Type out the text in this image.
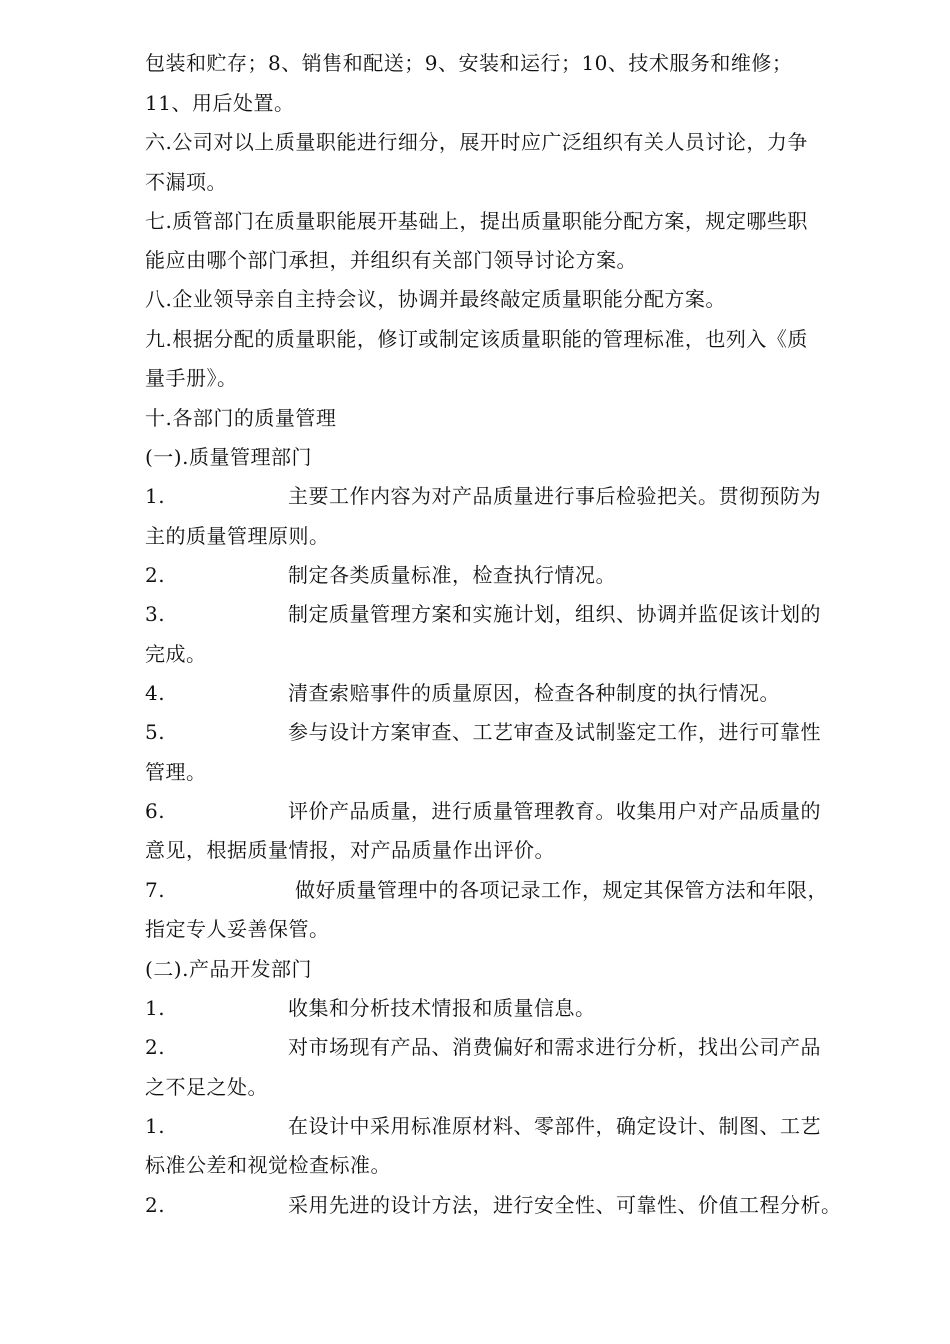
包装和贮存；8、销售和配送；9、安装和运行；10、技术服务和维修；
11、用后处置。
六.公司对以上质量职能进行细分，展开时应广泛组织有关人员讨论，力争
不漏项。
七.质管部门在质量职能展开基础上，提出质量职能分配方案，规定哪些职
能应由哪个部门承担，并组织有关部门领导讨论方案。
八.企业领导亲自主持会议，协调并最终敲定质量职能分配方案。
九.根据分配的质量职能，修订或制定该质量职能的管理标准，也列入《质
量手册》。
十.各部门的质量管理
(一).质量管理部门
1.	主要工作内容为对产品质量进行事后检验把关。贯彻预防为
主的质量管理原则。
2.	制定各类质量标准，检查执行情况。
3.	制定质量管理方案和实施计划，组织、协调并监促该计划的
完成。
4.	清查索赔事件的质量原因，检查各种制度的执行情况。
5.	参与设计方案审查、工艺审查及试制鉴定工作，进行可靠性
管理。
6.	评价产品质量，进行质量管理教育。收集用户对产品质量的
意见，根据质量情报，对产品质量作出评价。
7.	做好质量管理中的各项记录工作，规定其保管方法和年限，
指定专人妥善保管。
(二).产品开发部门
1.	收集和分析技术情报和质量信息。
2.	对市场现有产品、消费偏好和需求进行分析，找出公司产品
之不足之处。
1.	在设计中采用标准原材料、零部件，确定设计、制图、工艺
标准公差和视觉检查标准。
2.	采用先进的设计方法，进行安全性、可靠性、价值工程分析。
